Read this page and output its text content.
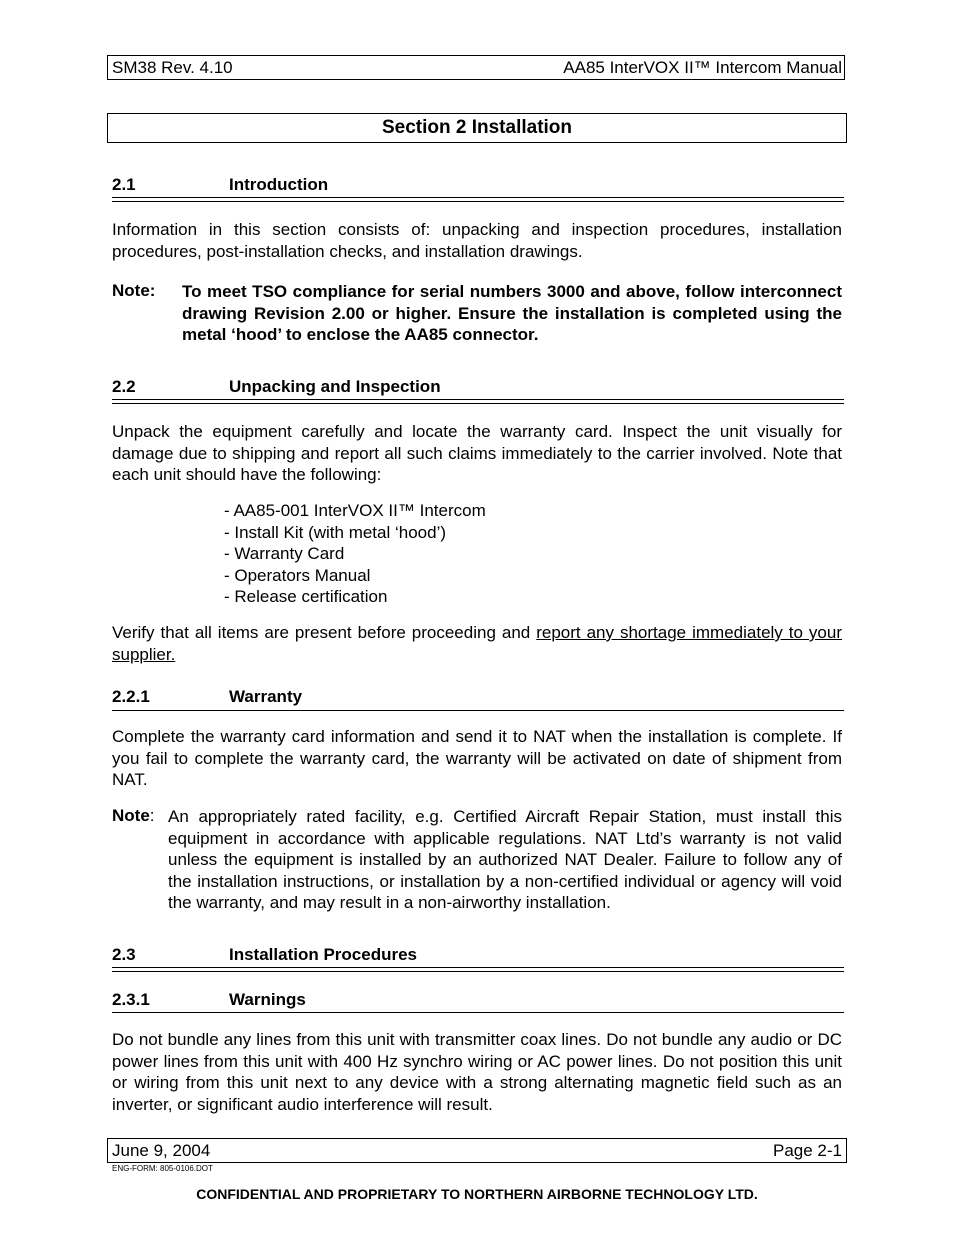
SM38 Rev. 4.10	AA85 InterVOX II™ Intercom Manual
Section 2 Installation
2.1	Introduction
Information in this section consists of: unpacking and inspection procedures, installation procedures, post-installation checks, and installation drawings.
Note: To meet TSO compliance for serial numbers 3000 and above, follow interconnect drawing Revision 2.00 or higher. Ensure the installation is completed using the metal ‘hood’ to enclose the AA85 connector.
2.2	Unpacking and Inspection
Unpack the equipment carefully and locate the warranty card. Inspect the unit visually for damage due to shipping and report all such claims immediately to the carrier involved. Note that each unit should have the following:
- AA85-001 InterVOX II™ Intercom
- Install Kit (with metal ‘hood’)
- Warranty Card
- Operators Manual
- Release certification
Verify that all items are present before proceeding and report any shortage immediately to your supplier.
2.2.1	Warranty
Complete the warranty card information and send it to NAT when the installation is complete. If you fail to complete the warranty card, the warranty will be activated on date of shipment from NAT.
Note: An appropriately rated facility, e.g. Certified Aircraft Repair Station, must install this equipment in accordance with applicable regulations. NAT Ltd’s warranty is not valid unless the equipment is installed by an authorized NAT Dealer. Failure to follow any of the installation instructions, or installation by a non-certified individual or agency will void the warranty, and may result in a non-airworthy installation.
2.3	Installation Procedures
2.3.1	Warnings
Do not bundle any lines from this unit with transmitter coax lines. Do not bundle any audio or DC power lines from this unit with 400 Hz synchro wiring or AC power lines. Do not position this unit or wiring from this unit next to any device with a strong alternating magnetic field such as an inverter, or significant audio interference will result.
June 9, 2004	Page 2-1
ENG-FORM: 805-0106.DOT
CONFIDENTIAL AND PROPRIETARY TO NORTHERN AIRBORNE TECHNOLOGY LTD.
